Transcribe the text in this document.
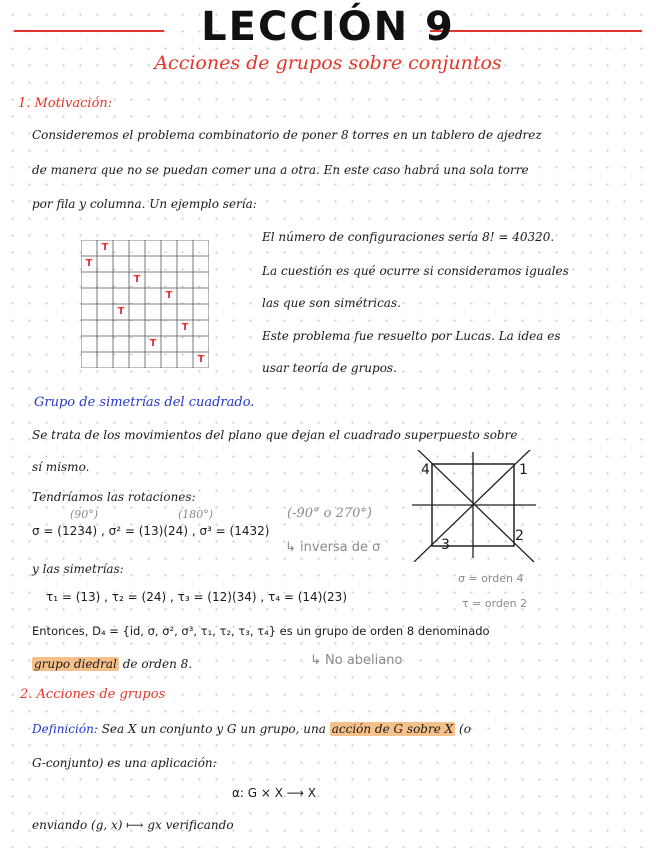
LECCIÓN 9
Acciones de grupos sobre conjuntos
1. Motivación:
Consideremos el problema combinatorio de poner 8 torres en un tablero de ajedrez
de manera que no se puedan comer una a otra. En este caso habrá una sola torre
por fila y columna. Un ejemplo sería:
T
T
T
T
T
T
T
T
El número de configuraciones sería 8! = 40320.
La cuestión es qué ocurre si consideramos iguales
las que son simétricas.
Este problema fue resuelto por Lucas. La idea es
usar teoría de grupos.
Grupo de simetrías del cuadrado.
Se trata de los movimientos del plano que dejan el cuadrado superpuesto sobre
sí mismo.	4	1
3
2
Tendríamos las rotaciones:
(90°)	(180°)	(-90° o 270°)
σ = (1234) , σ² = (13)(24) , σ³ = (1432)
↳ inversa de σ
y las simetrías:
τ₁ = (13) , τ₂ = (24) , τ₃ = (12)(34) , τ₄ = (14)(23)
σ = orden 4
τ = orden 2
Entonces, D₄ = {id, σ, σ², σ³, τ₁, τ₂, τ₃, τ₄} es un grupo de orden 8 denominado
grupo diedral de orden 8.	↳ No abeliano
2. Acciones de grupos
Definición: Sea X un conjunto y G un grupo, una acción de G sobre X (o
G-conjunto) es una aplicación:
α: G × X ⟶ X
enviando (g, x) ⟼ gx verificando
